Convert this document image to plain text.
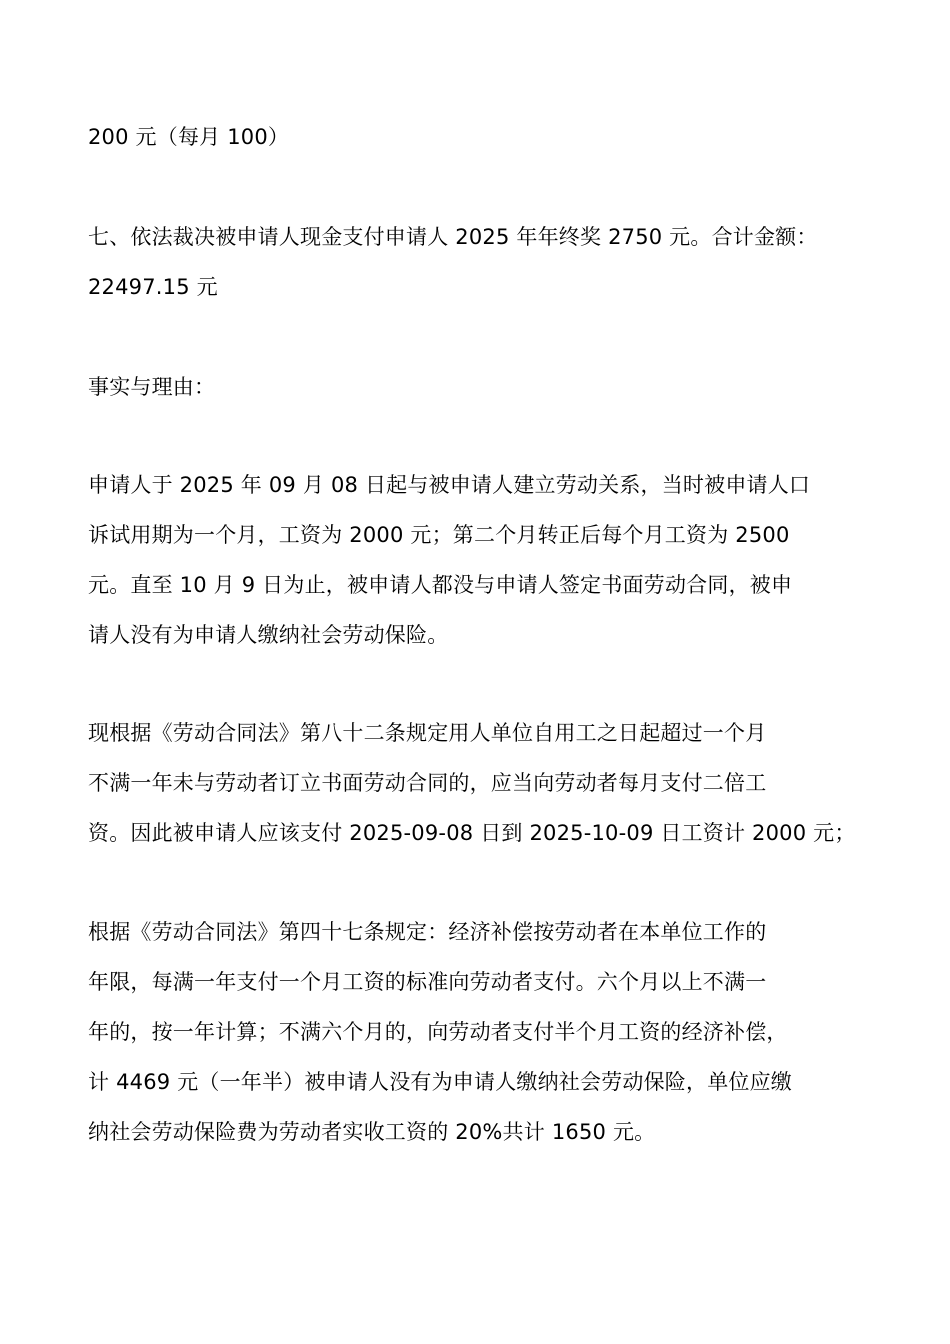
200 元（每月 100）
七、依法裁决被申请人现金支付申请人 2025 年年终奖 2750 元。合计金额：
22497.15 元
事实与理由：
申请人于 2025 年 09 月 08 日起与被申请人建立劳动关系，当时被申请人口
诉试用期为一个月，工资为 2000 元；第二个月转正后每个月工资为 2500
元。直至 10 月 9 日为止，被申请人都没与申请人签定书面劳动合同，被申
请人没有为申请人缴纳社会劳动保险。
现根据《劳动合同法》第八十二条规定用人单位自用工之日起超过一个月
不满一年未与劳动者订立书面劳动合同的，应当向劳动者每月支付二倍工
资。因此被申请人应该支付 2025-09-08 日到 2025-10-09 日工资计 2000 元；
根据《劳动合同法》第四十七条规定：经济补偿按劳动者在本单位工作的
年限，每满一年支付一个月工资的标准向劳动者支付。六个月以上不满一
年的，按一年计算；不满六个月的，向劳动者支付半个月工资的经济补偿，
计 4469 元（一年半）被申请人没有为申请人缴纳社会劳动保险，单位应缴
纳社会劳动保险费为劳动者实收工资的 20%共计 1650 元。
